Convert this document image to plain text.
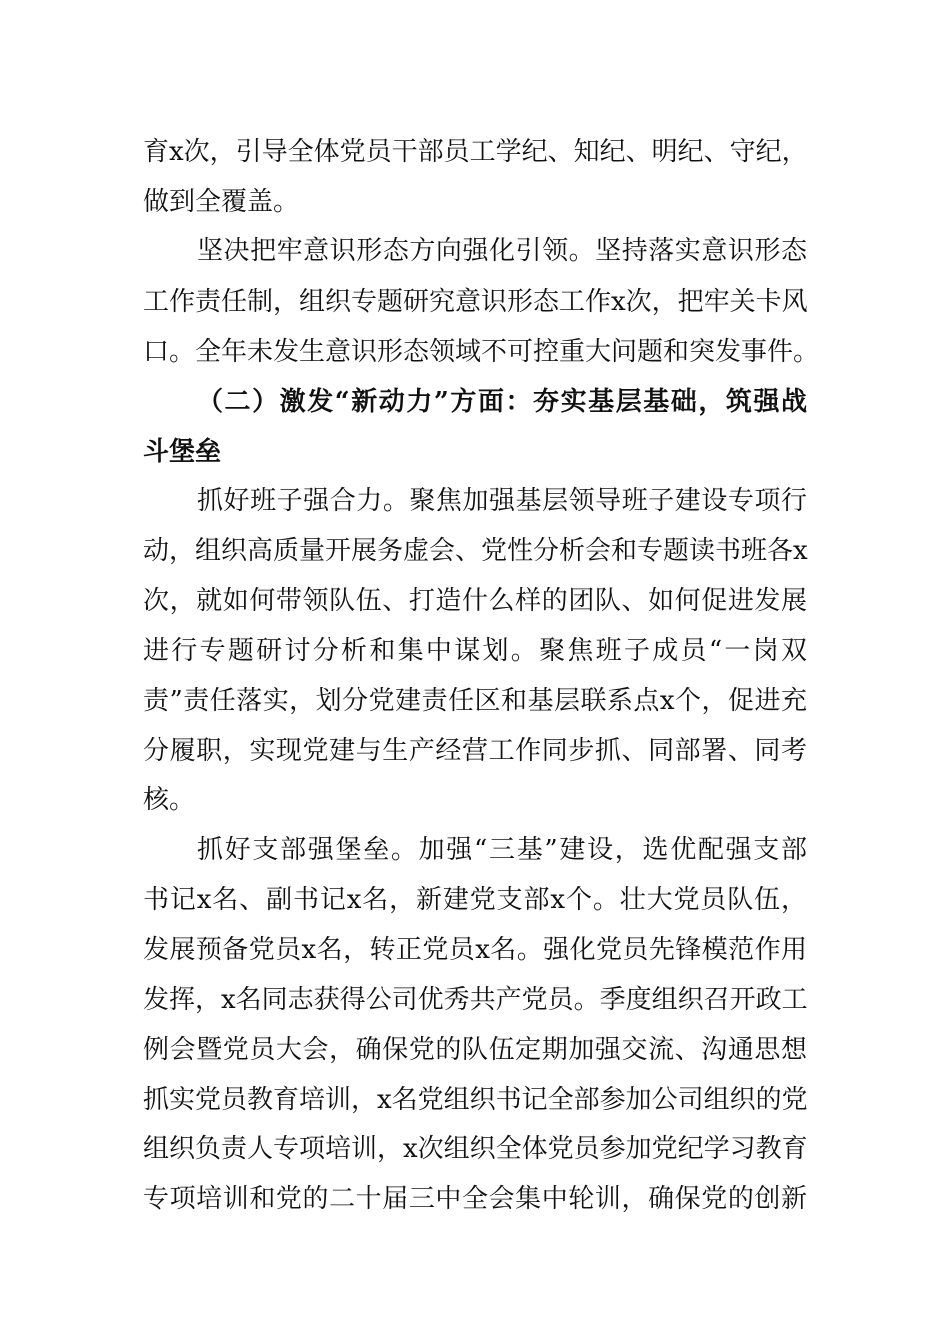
育x次，引导全体党员干部员工学纪、知纪、明纪、守纪，
做到全覆盖。
坚决把牢意识形态方向强化引领。坚持落实意识形态
工作责任制，组织专题研究意识形态工作x次，把牢关卡风
口。全年未发生意识形态领域不可控重大问题和突发事件。
（二）激发“新动力”方面：夯实基层基础，筑强战
斗堡垒
抓好班子强合力。聚焦加强基层领导班子建设专项行
动，组织高质量开展务虚会、党性分析会和专题读书班各x
次，就如何带领队伍、打造什么样的团队、如何促进发展
进行专题研讨分析和集中谋划。聚焦班子成员“一岗双
责”责任落实，划分党建责任区和基层联系点x个，促进充
分履职，实现党建与生产经营工作同步抓、同部署、同考
核。
抓好支部强堡垒。加强“三基”建设，选优配强支部
书记x名、副书记x名，新建党支部x个。壮大党员队伍，
发展预备党员x名，转正党员x名。强化党员先锋模范作用
发挥，x名同志获得公司优秀共产党员。季度组织召开政工
例会暨党员大会，确保党的队伍定期加强交流、沟通思想
抓实党员教育培训，x名党组织书记全部参加公司组织的党
组织负责人专项培训，x次组织全体党员参加党纪学习教育
专项培训和党的二十届三中全会集中轮训，确保党的创新
